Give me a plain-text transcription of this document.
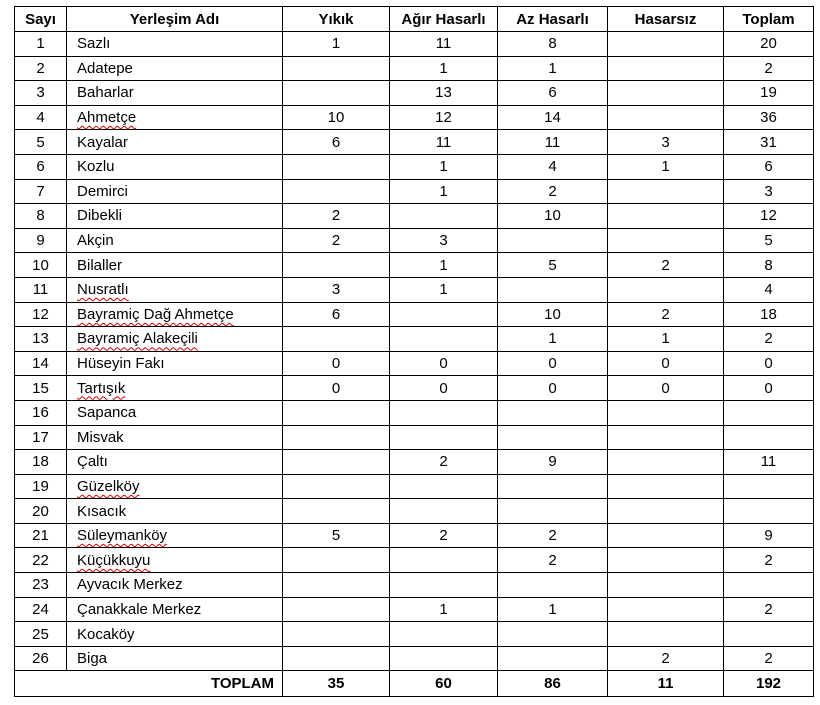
Sayı	Yerleşim Adı	Yıkık	Ağır Hasarlı	Az Hasarlı	Hasarsız	Toplam
1	Sazlı	1	11	8		20
2	Adatepe		1	1		2
3	Baharlar		13	6		19
4	Ahmetçe	10	12	14		36
5	Kayalar	6	11	11	3	31
6	Kozlu		1	4	1	6
7	Demirci		1	2		3
8	Dibekli	2		10		12
9	Akçin	2	3			5
10	Bilaller		1	5	2	8
11	Nusratlı	3	1			4
12	Bayramiç Dağ Ahmetçe	6		10	2	18
13	Bayramiç Alakeçili			1	1	2
14	Hüseyin Fakı	0	0	0	0	0
15	Tartışık	0	0	0	0	0
16	Sapanca					
17	Misvak					
18	Çaltı		2	9		11
19	Güzelköy					
20	Kısacık					
21	Süleymanköy	5	2	2		9
22	Küçükkuyu			2		2
23	Ayvacık Merkez					
24	Çanakkale Merkez		1	1		2
25	Kocaköy					
26	Biga				2	2
TOPLAM		35	60	86	11	192
